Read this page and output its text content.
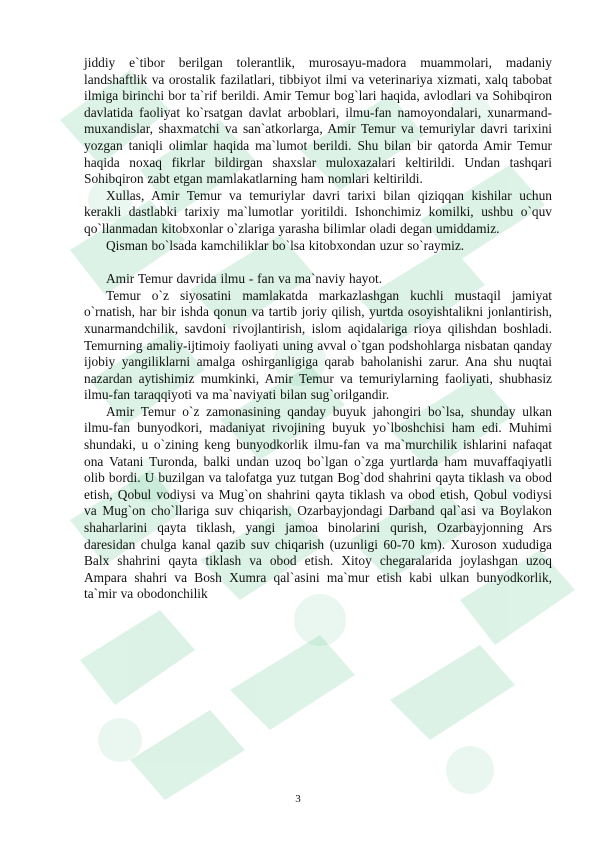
jiddiy e`tibor berilgan tolerantlik, murosayu-madora muammolari, madaniy landshaftlik va orostalik fazilatlari, tibbiyot ilmi va veterinariya xizmati, xalq tabobat ilmiga birinchi bor ta`rif berildi. Amir Temur bog`lari haqida, avlodlari va Sohibqiron davlatida faoliyat ko`rsatgan davlat arboblari, ilmu-fan namoyondalari, xunarmand-muxandislar, shaxmatchi va san`atkorlarga, Amir Temur va temuriylar davri tarixini yozgan taniqli olimlar haqida ma`lumot berildi. Shu bilan bir qatorda Amir Temur haqida noxaq fikrlar bildirgan shaxslar muloxazalari keltirildi. Undan tashqari Sohibqiron zabt etgan mamlakatlarning ham nomlari keltirildi.

Xullas, Amir Temur va temuriylar davri tarixi bilan qiziqqan kishilar uchun kerakli dastlabki tarixiy ma`lumotlar yoritildi. Ishonchimiz komilki, ushbu o`quv qo`llanmadan kitobxonlar o`zlariga yarasha bilimlar oladi degan umiddamiz.

Qisman bo`lsada kamchiliklar bo`lsa kitobxondan uzur so`raymiz.

Amir Temur davrida ilmu - fan va ma`naviy hayot.

Temur o`z siyosatini mamlakatda markazlashgan kuchli mustaqil jamiyat o`rnatish, har bir ishda qonun va tartib joriy qilish, yurtda osoyishtalikni jonlantirish, xunarmandchilik, savdoni rivojlantirish, islom aqidalariga rioya qilishdan boshladi. Temurning amaliy-ijtimoiy faoliyati uning avval o`tgan podshohlarga nisbatan qanday ijobiy yangiliklarni amalga oshirganligiga qarab baholanishi zarur. Ana shu nuqtai nazardan aytishimiz mumkinki, Amir Temur va temuriylarning faoliyati, shubhasiz ilmu-fan taraqqiyoti va ma`naviyati bilan sug`orilgandir.

Amir Temur o`z zamonasining qanday buyuk jahongiri bo`lsa, shunday ulkan ilmu-fan bunyodkori, madaniyat rivojining buyuk yo`lboshchisi ham edi. Muhimi shundaki, u o`zining keng bunyodkorlik ilmu-fan va ma`murchilik ishlarini nafaqat ona Vatani Turonda, balki undan uzoq bo`lgan o`zga yurtlarda ham muvaffaqiyatli olib bordi. U buzilgan va talofatga yuz tutgan Bog`dod shahrini qayta tiklash va obod etish, Qobul vodiysi va Mug`on shahrini qayta tiklash va obod etish, Qobul vodiysi va Mug`on cho`llariga suv chiqarish, Ozarbayjondagi Darband qal`asi va Boylakon shaharlarini qayta tiklash, yangi jamoa binolarini qurish, Ozarbayjonning Ars daresidan chulga kanal qazib suv chiqarish (uzunligi 60-70 km). Xuroson xududiga Balx shahrini qayta tiklash va obod etish. Xitoy chegaralarida joylashgan uzoq Ampara shahri va Bosh Xumra qal`asini ma`mur etish kabi ulkan bunyodkorlik, ta`mir va obodonchilik

3
